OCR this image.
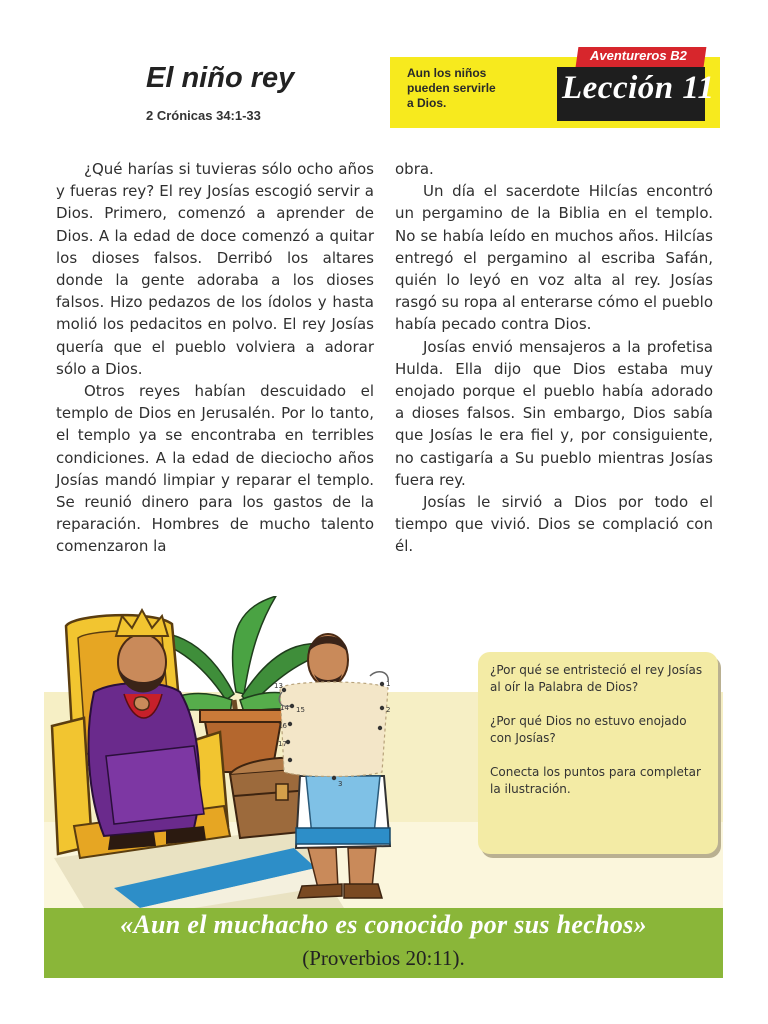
El niño rey
2 Crónicas 34:1-33
Aun los niños
pueden servirle
a Dios.
Aventureros B2
Lección 11

¿Qué harías si tuvieras sólo ocho años y fueras rey? El rey Josías escogió servir a Dios. Primero, comenzó a aprender de Dios. A la edad de doce comenzó a quitar los dioses falsos. Derribó los altares donde la gente adoraba a los dioses falsos. Hizo pedazos de los ídolos y hasta molió los pedacitos en polvo. El rey Josías quería que el pueblo volviera a adorar sólo a Dios.

Otros reyes habían descuidado el templo de Dios en Jerusalén. Por lo tanto, el templo ya se encontraba en terribles condiciones. A la edad de dieciocho años Josías mandó limpiar y reparar el templo. Se reunió dinero para los gastos de la reparación. Hombres de mucho talento comenzaron la

obra.

Un día el sacerdote Hilcías encontró un pergamino de la Biblia en el templo. No se había leído en muchos años. Hilcías entregó el pergamino al escriba Safán, quién lo leyó en voz alta al rey. Josías rasgó su ropa al enterarse cómo el pueblo había pecado contra Dios.

Josías envió mensajeros a la profetisa Hulda. Ella dijo que Dios estaba muy enojado porque el pueblo había adorado a dioses falsos. Sin embargo, Dios sabía que Josías le era fiel y, por consiguiente, no castigaría a Su pueblo mientras Josías fuera rey.

Josías le sirvió a Dios por todo el tiempo que vivió. Dios se complació con él.

13
14 15
16
17
1
2
3

¿Por qué se entristeció el rey Josías al oír la Palabra de Dios?

¿Por qué Dios no estuvo enojado con Josías?

Conecta los puntos para completar la ilustración.

«Aun el muchacho es conocido por sus hechos»
(Proverbios 20:11).
